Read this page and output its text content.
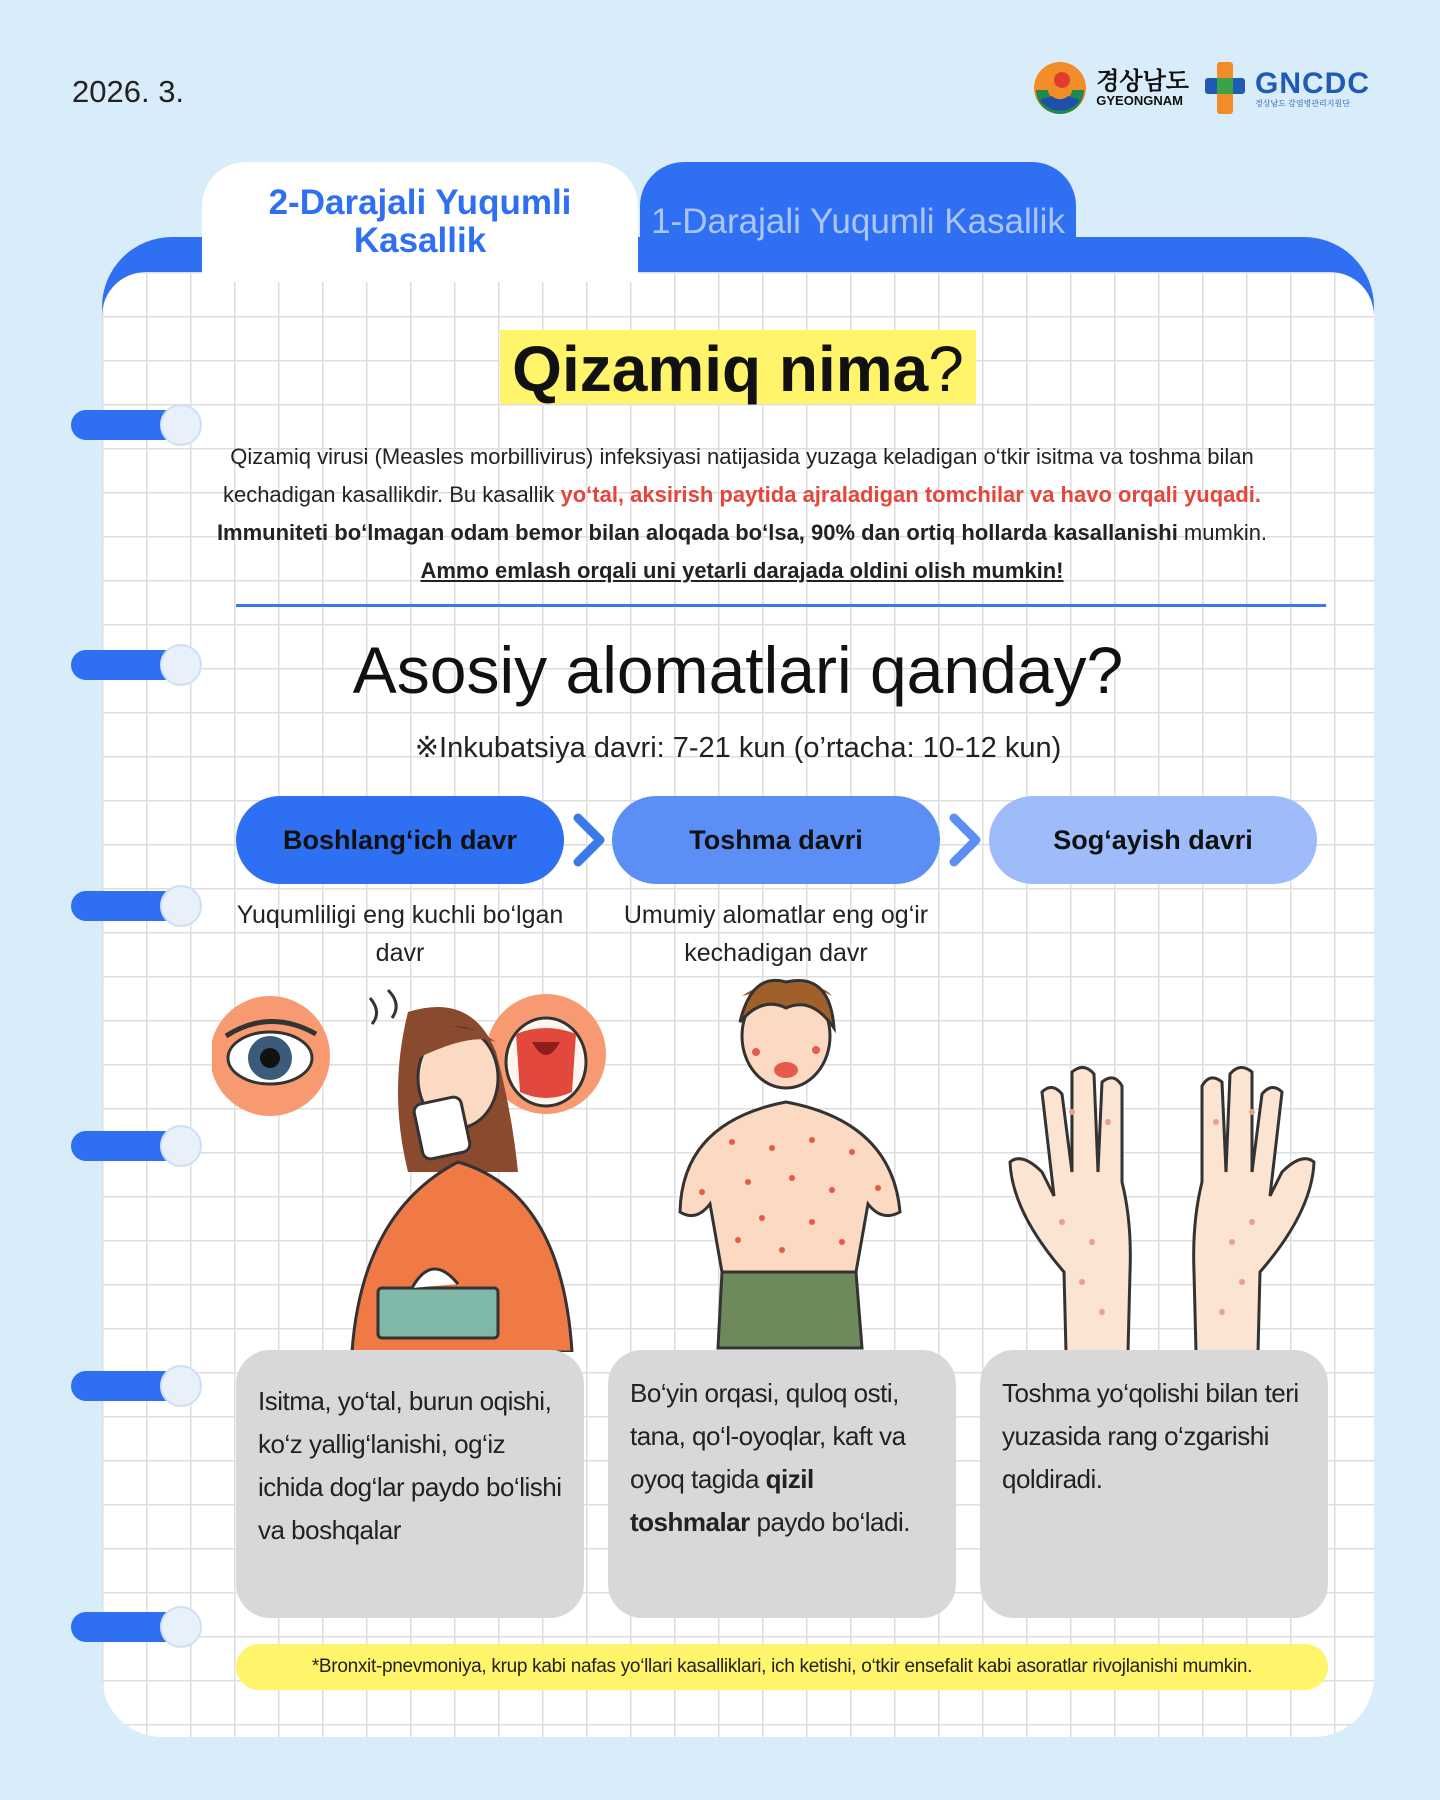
2026. 3.	경상남도
GYEONGNAM
GNCDC
경상남도 감염병관리지원단
2-Darajali Yuqumli Kasallik	1-Darajali Yuqumli Kasallik
Qizamiq nima?
Qizamiq virusi (Measles morbillivirus) infeksiyasi natijasida yuzaga keladigan o‘tkir isitma va toshma bilan kechadigan kasallikdir. Bu kasallik yo‘tal, aksirish paytida ajraladigan tomchilar va havo orqali yuqadi.
Immuniteti bo‘lmagan odam bemor bilan aloqada bo‘lsa, 90% dan ortiq hollarda kasallanishi mumkin.
Ammo emlash orqali uni yetarli darajada oldini olish mumkin!
Asosiy alomatlari qanday?
※Inkubatsiya davri: 7-21 kun (o’rtacha: 10-12 kun)
Boshlang‘ich davr	Toshma davri	Sog‘ayish davri
Yuqumliligi eng kuchli bo‘lgan davr
Umumiy alomatlar eng og‘ir kechadigan davr
Isitma, yo‘tal, burun oqishi, ko‘z yallig‘lanishi, og‘iz ichida dog‘lar paydo bo‘lishi va boshqalar
Bo‘yin orqasi, quloq osti, tana, qo‘l-oyoqlar, kaft va oyoq tagida qizil toshmalar paydo bo‘ladi.
Toshma yo‘qolishi bilan teri yuzasida rang o‘zgarishi qoldiradi.
*Bronxit-pnevmoniya, krup kabi nafas yo‘llari kasalliklari, ich ketishi, o‘tkir ensefalit kabi asoratlar rivojlanishi mumkin.
